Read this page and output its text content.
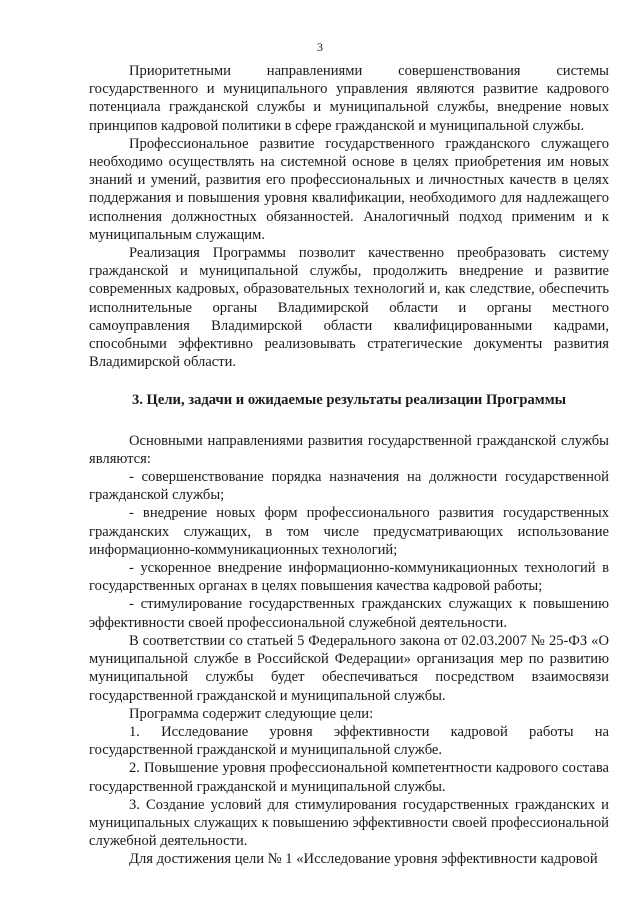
3

Приоритетными направлениями совершенствования системы государственного и муниципального управления являются развитие кадрового потенциала гражданской службы и муниципальной службы, внедрение новых принципов кадровой политики в сфере гражданской и муниципальной службы.

Профессиональное развитие государственного гражданского служащего необходимо осуществлять на системной основе в целях приобретения им новых знаний и умений, развития его профессиональных и личностных качеств в целях поддержания и повышения уровня квалификации, необходимого для надлежащего исполнения должностных обязанностей. Аналогичный подход применим и к муниципальным служащим.

Реализация Программы позволит качественно преобразовать систему гражданской и муниципальной службы, продолжить внедрение и развитие современных кадровых, образовательных технологий и, как следствие, обеспечить исполнительные органы Владимирской области и органы местного самоуправления Владимирской области квалифицированными кадрами, способными эффективно реализовывать стратегические документы развития Владимирской области.

3. Цели, задачи и ожидаемые результаты реализации Программы

Основными направлениями развития государственной гражданской службы являются:

- совершенствование порядка назначения на должности государственной гражданской службы;

- внедрение новых форм профессионального развития государственных гражданских служащих, в том числе предусматривающих использование информационно-коммуникационных технологий;

- ускоренное внедрение информационно-коммуникационных технологий в государственных органах в целях повышения качества кадровой работы;

- стимулирование государственных гражданских служащих к повышению эффективности своей профессиональной служебной деятельности.

В соответствии со статьей 5 Федерального закона от 02.03.2007 № 25-ФЗ «О муниципальной службе в Российской Федерации» организация мер по развитию муниципальной службы будет обеспечиваться посредством взаимосвязи государственной гражданской и муниципальной службы.

Программа содержит следующие цели:

1. Исследование уровня эффективности кадровой работы на государственной гражданской и муниципальной службе.

2. Повышение уровня профессиональной компетентности кадрового состава государственной гражданской и муниципальной службы.

3. Создание условий для стимулирования государственных гражданских и муниципальных служащих к повышению эффективности своей профессиональной служебной деятельности.

Для достижения цели № 1 «Исследование уровня эффективности кадровой
